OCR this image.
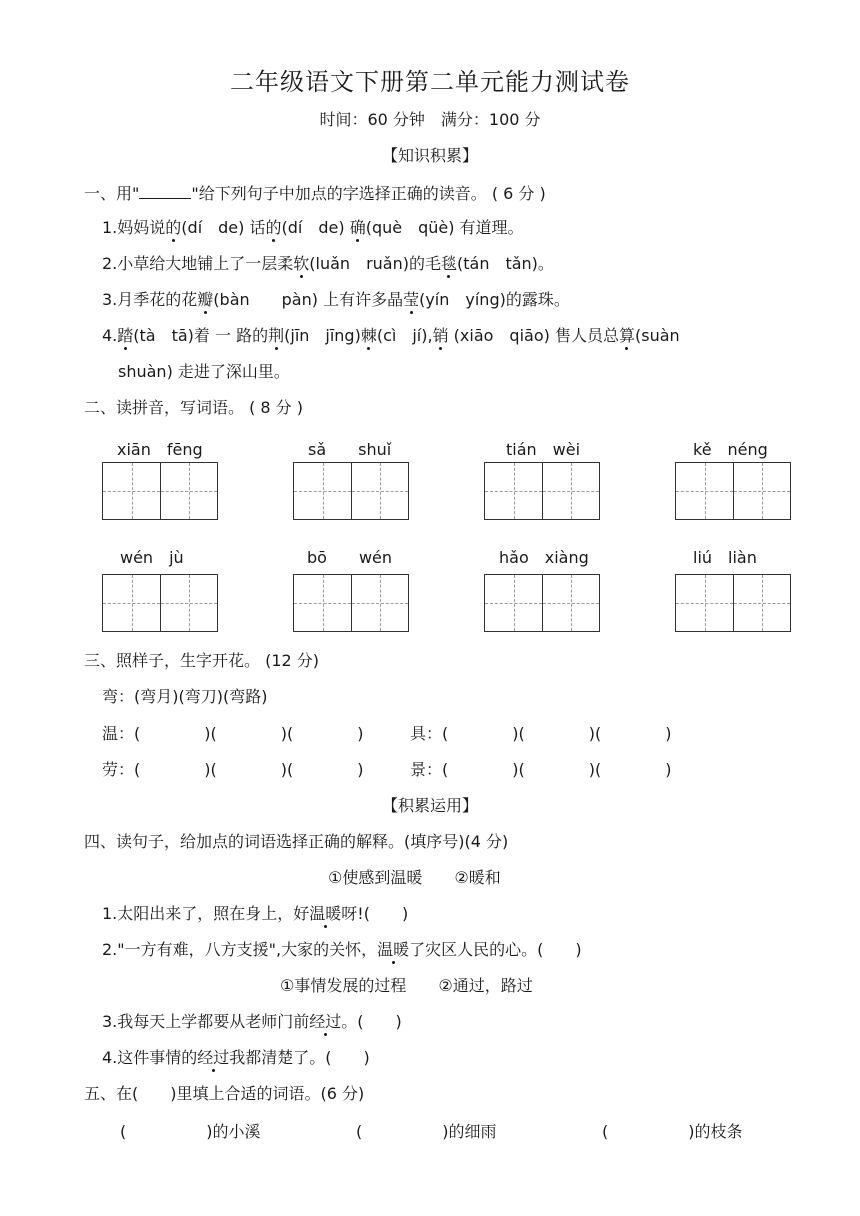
二年级语文下册第二单元能力测试卷
时间：60 分钟　满分：100 分
【知识积累】
一、用"	"给下列句子中加点的字选择正确的读音。 ( 6 分 )
1.妈妈说的(dí　de) 话的(dí　de) 确(què　qüè) 有道理。
2.小草给大地铺上了一层柔软(luǎn　ruǎn)的毛毯(tán　tǎn)。
3.月季花的花瓣(bàn　　pàn) 上有许多晶莹(yín　yíng)的露珠。
4.踏(tà　tā)着 一 路的荆(jīn　jīng)棘(cì　jí),销 (xiāo　qiāo) 售人员总算(suàn
shuàn) 走进了深山里。
二、读拼音，写词语。 ( 8 分 )
xiān　fēng	sǎ　　shuǐ	tián　wèi	kě　néng
wén　jù	bō　　wén	hǎo　xiàng	liú　liàn
三、照样子，生字开花。 (12 分)
弯：(弯月)(弯刀)(弯路)
温：(　　　　)(　　　　)(　　　　)	具：(　　　　)(　　　　)(　　　　)
劳：(　　　　)(　　　　)(　　　　)	景：(　　　　)(　　　　)(　　　　)
【积累运用】
四、读句子，给加点的词语选择正确的解释。(填序号)(4 分)
①使感到温暖　　②暖和
1.太阳出来了，照在身上，好温暖呀!(　　)
2."一方有难，八方支援",大家的关怀，温暖了灾区人民的心。(　　)
①事情发展的过程　　②通过，路过
3.我每天上学都要从老师门前经过。(　　)
4.这件事情的经过我都清楚了。(　　)
五、在(　　)里填上合适的词语。(6 分)
(　　　　　)的小溪	(　　　　　)的细雨	(　　　　　)的枝条
